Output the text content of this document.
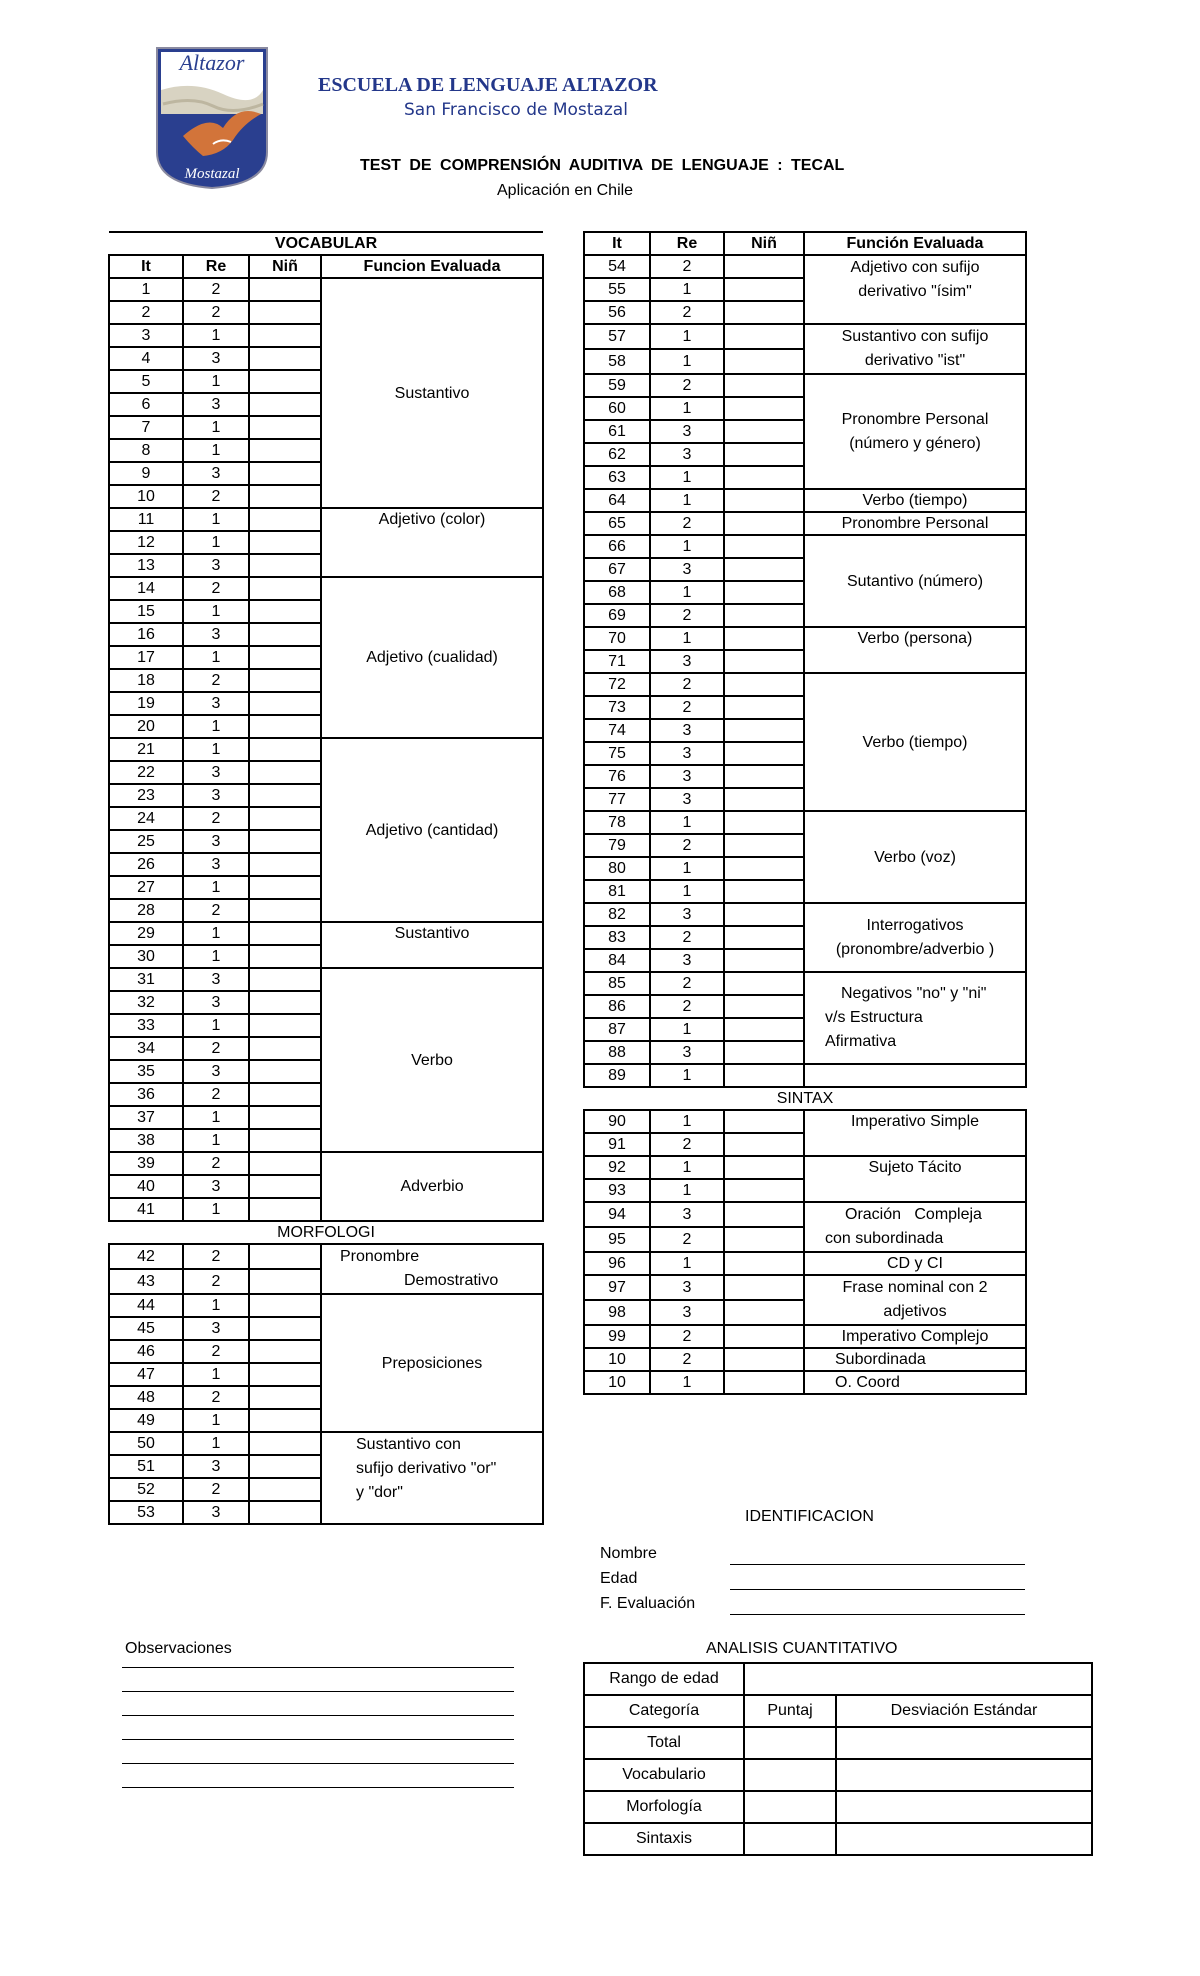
Altazor
Mostazal
ESCUELA DE LENGUAJE ALTAZOR
San Francisco de Mostazal
TEST DE COMPRENSIÓN AUDITIVA DE LENGUAJE : TECAL
Aplicación en Chile
VOCABULAR			
It	Re	Niñ	Funcion Evaluada
1	2		Sustantivo
2	2		
3	1		
4	3		
5	1		
6	3		
7	1		
8	1		
9	3		
10	2		
11	1		Adjetivo (color)
12	1		
13	3		
14	2		Adjetivo (cualidad)
15	1		
16	3		
17	1		
18	2		
19	3		
20	1		
21	1		Adjetivo (cantidad)
22	3		
23	3		
24	2		
25	3		
26	3		
27	1		
28	2		
29	1		Sustantivo
30	1		
31	3		Verbo
32	3		
33	1		
34	2		
35	3		
36	2		
37	1		
38	1		
39	2		Adverbio
40	3		
41	1		
MORFOLOGI			
42	2		Pronombre
Demostrativo

43	2		
44	1		Preposiciones
45	3		
46	2		
47	1		
48	2		
49	1		
50	1		Sustantivo con sufijo derivativo "or" y "dor"
51	3		
52	2		
53	3		
It	Re	Niñ	Función Evaluada
54	2		Adjetivo con sufijo derivativo "ísim"
55	1		
56	2		
57	1		Sustantivo con sufijo derivativo "ist"
58	1		
59	2		Pronombre Personal (número y género)
60	1		
61	3		
62	3		
63	1		
64	1		Verbo (tiempo)
65	2		Pronombre Personal
66	1		Sutantivo (número)
67	3		
68	1		
69	2		
70	1		Verbo (persona)
71	3		
72	2		Verbo (tiempo)
73	2		
74	3		
75	3		
76	3		
77	3		
78	1		Verbo (voz)
79	2		
80	1		
81	1		
82	3		Interrogativos (pronombre/adverbio )
83	2		
84	3		
85	2		Negativos "no" y "ni"
v/s Estructura
Afirmativa

86	2		
87	1		
88	3		
89	1		
SINTAX			
90	1		Imperativo Simple
91	2		
92	1		Sujeto Tácito
93	1		
94	3		Oración   Compleja
con subordinada

95	2		
96	1		CD y CI
97	3		Frase nominal con 2 adjetivos
98	3		
99	2		Imperativo Complejo
10	2		Subordinada
10	1		O. Coord
IDENTIFICACION
Nombre
Edad
F. Evaluación
ANALISIS CUANTITATIVO
Rango de edad		
Categoría	Puntaj	Desviación Estándar
Total		
Vocabulario		
Morfología		
Sintaxis		
Observaciones
